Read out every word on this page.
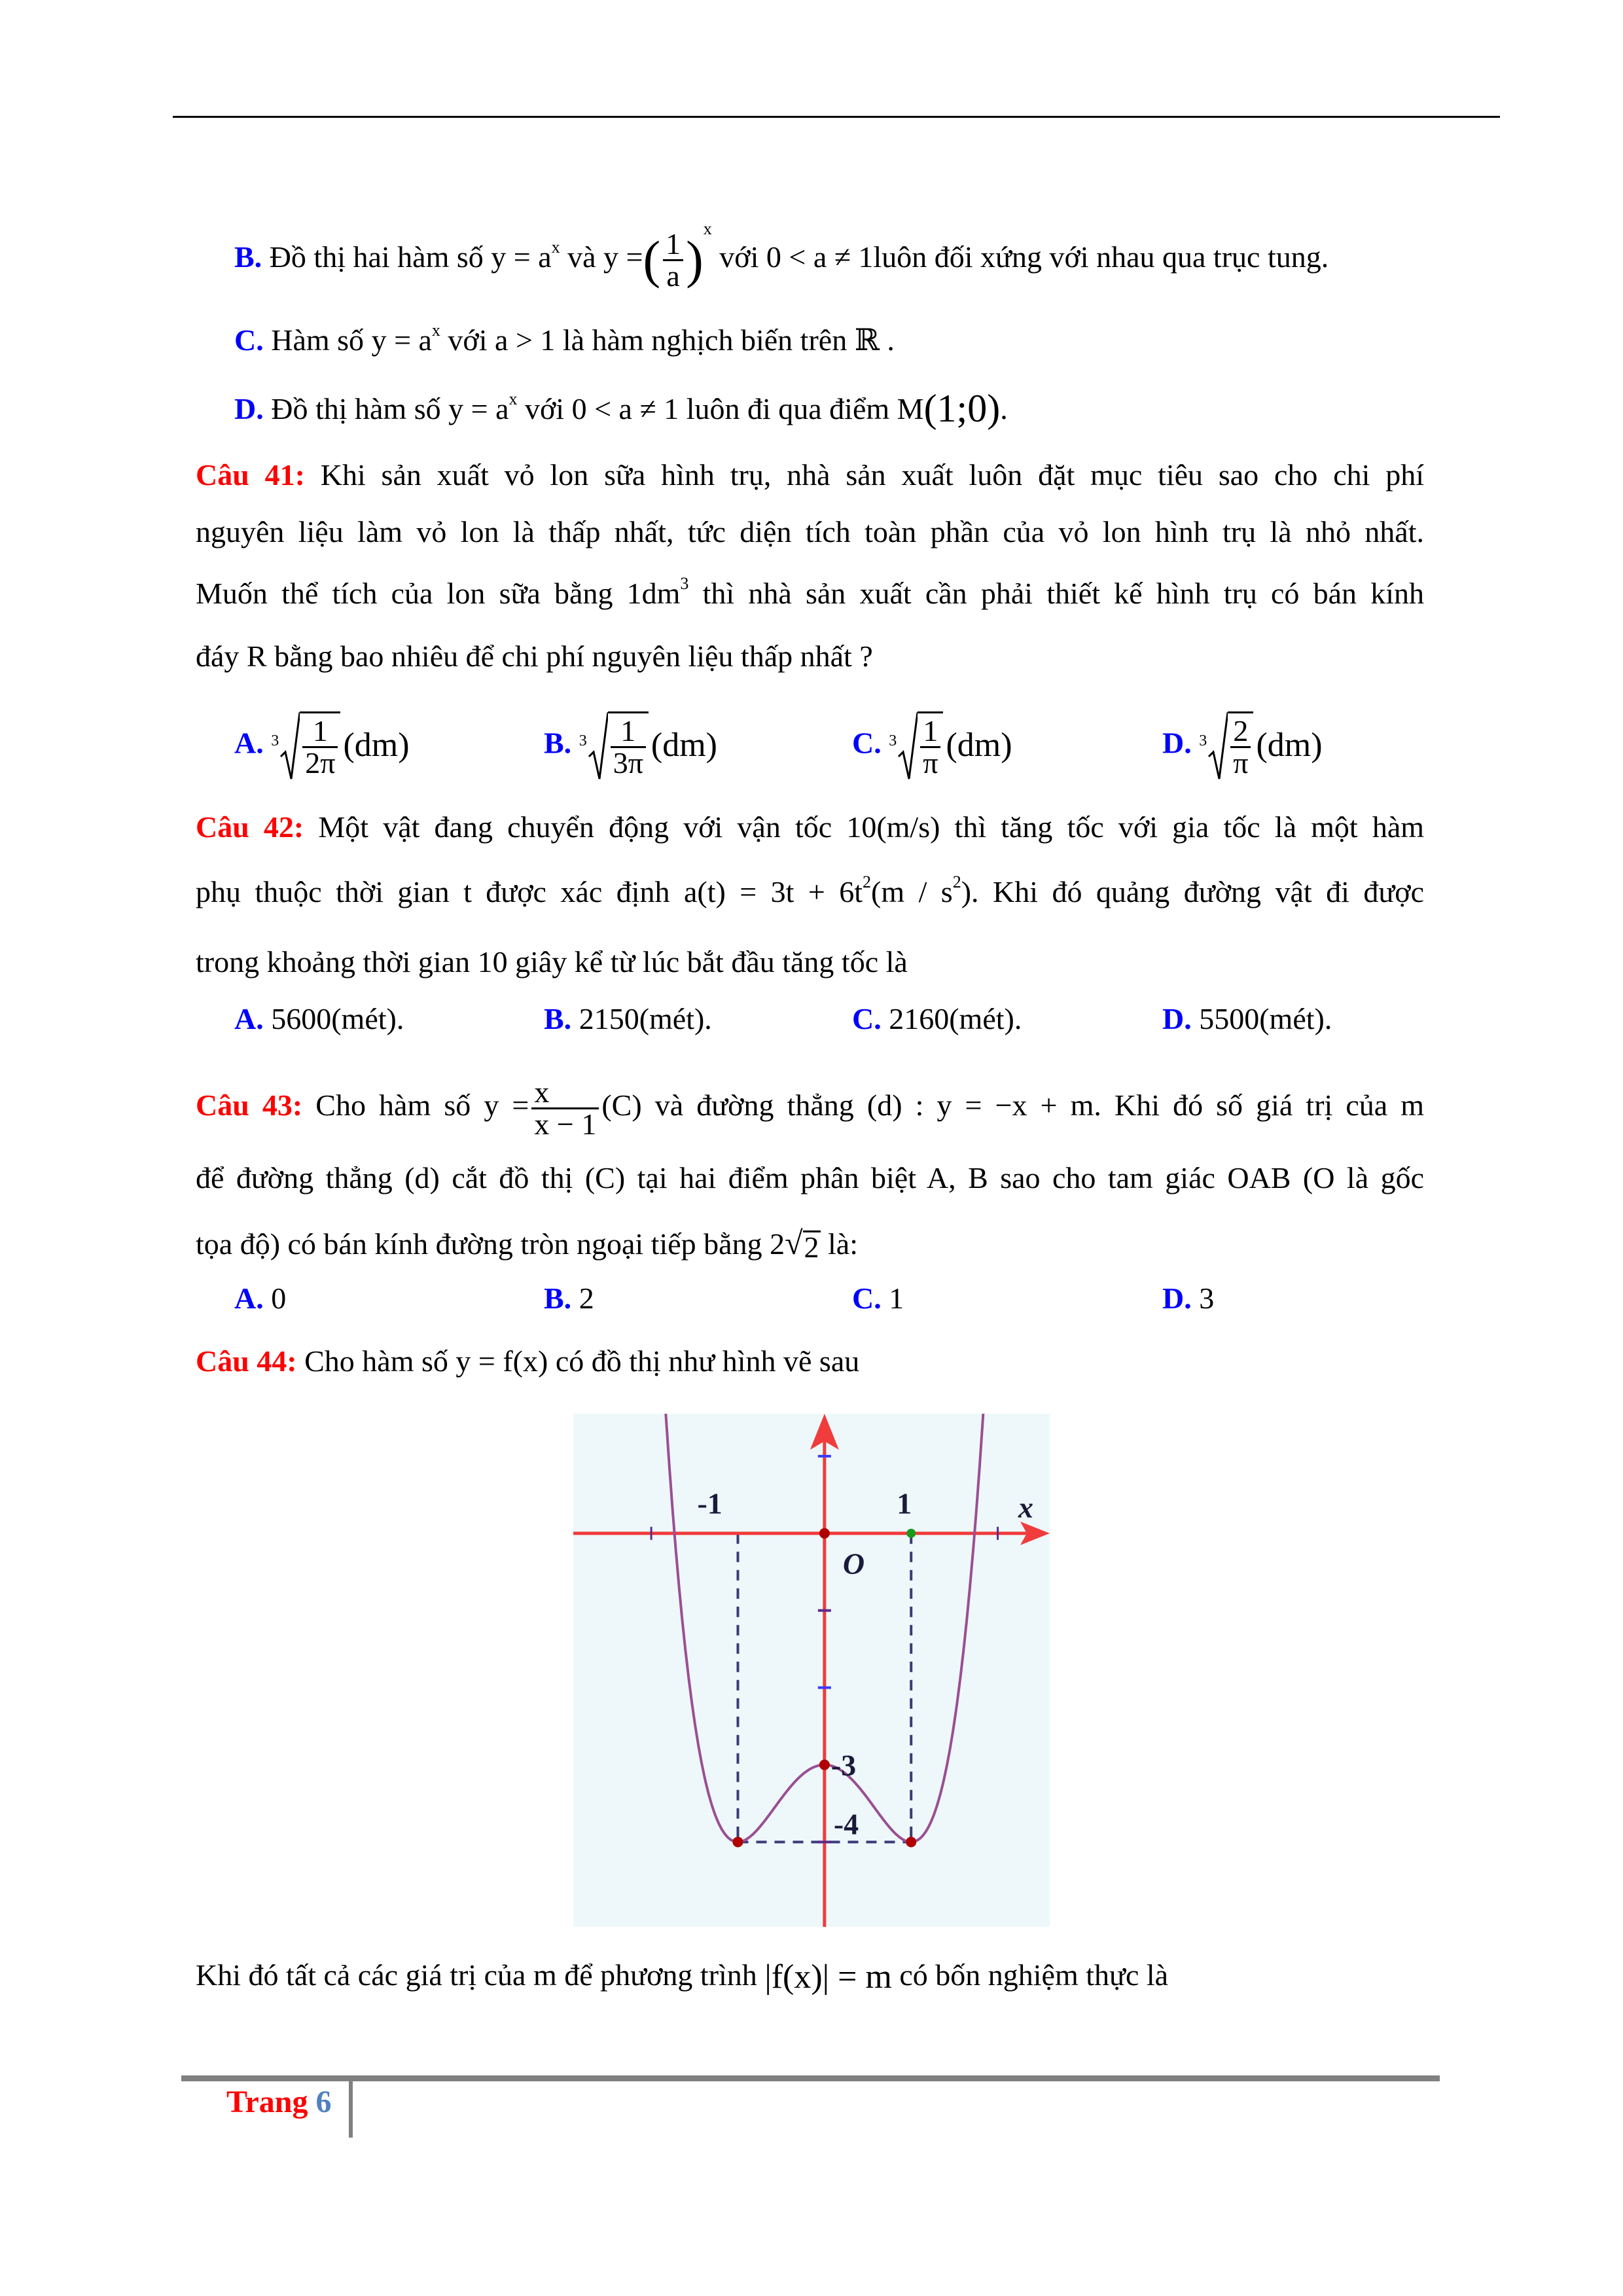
B. Đồ thị hai hàm số $y = a^x$ và y =( $\frac{1}{a} )^x$ với 0 < a ≠ 1luôn đối xứng với nhau qua trục tung.
C. Hàm số $y = a^x$ với a > 1 là hàm nghịch biến trên ℝ .
D. Đồ thị hàm số $y = a^x$ với 0 < a ≠ 1 luôn đi qua điểm M(1;0).
Câu 41: Khi sản xuất vỏ lon sữa hình trụ, nhà sản xuất luôn đặt mục tiêu sao cho chi phí
nguyên liệu làm vỏ lon là thấp nhất, tức diện tích toàn phần của vỏ lon hình trụ là nhỏ nhất.
Muốn thể tích của lon sữa bằng $1dm^3$ thì nhà sản xuất cần phải thiết kế hình trụ có bán kính
đáy R bằng bao nhiêu để chi phí nguyên liệu thấp nhất ?
A. $3 \frac{1}{2\pi} (dm)$	B. $3 \frac{1}{3\pi} (dm)$	C. $3 \frac{1}{\pi} (dm)$	D. $3 \frac{2}{\pi} (dm)$
Câu 42: Một vật đang chuyển động với vận tốc 10(m/s) thì tăng tốc với gia tốc là một hàm
phụ thuộc thời gian t được xác định $a(t) = 3t + 6t^2(m / s^2)$. Khi đó quảng đường vật đi được
trong khoảng thời gian 10 giây kể từ lúc bắt đầu tăng tốc là
A. 5600(mét).	B. 2150(mét).	C. 2160(mét).	D. 5500(mét).
Câu 43: Cho hàm số $y = \frac{x}{x - 1} (C)$ và đường thẳng (d) : y = −x + m. Khi đó số giá trị của m
để đường thẳng (d) cắt đồ thị (C) tại hai điểm phân biệt A, B sao cho tam giác OAB (O là gốc
tọa độ) có bán kính đường tròn ngoại tiếp bằng 2 √ 2 là:
A. 0	B. 2	C. 1	D. 3
Câu 44: Cho hàm số y = f(x) có đồ thị như hình vẽ sau
-1	1
O
-3
-4
x
Khi đó tất cả các giá trị của m để phương trình |f(x)| = m có bốn nghiệm thực là
Trang 6
